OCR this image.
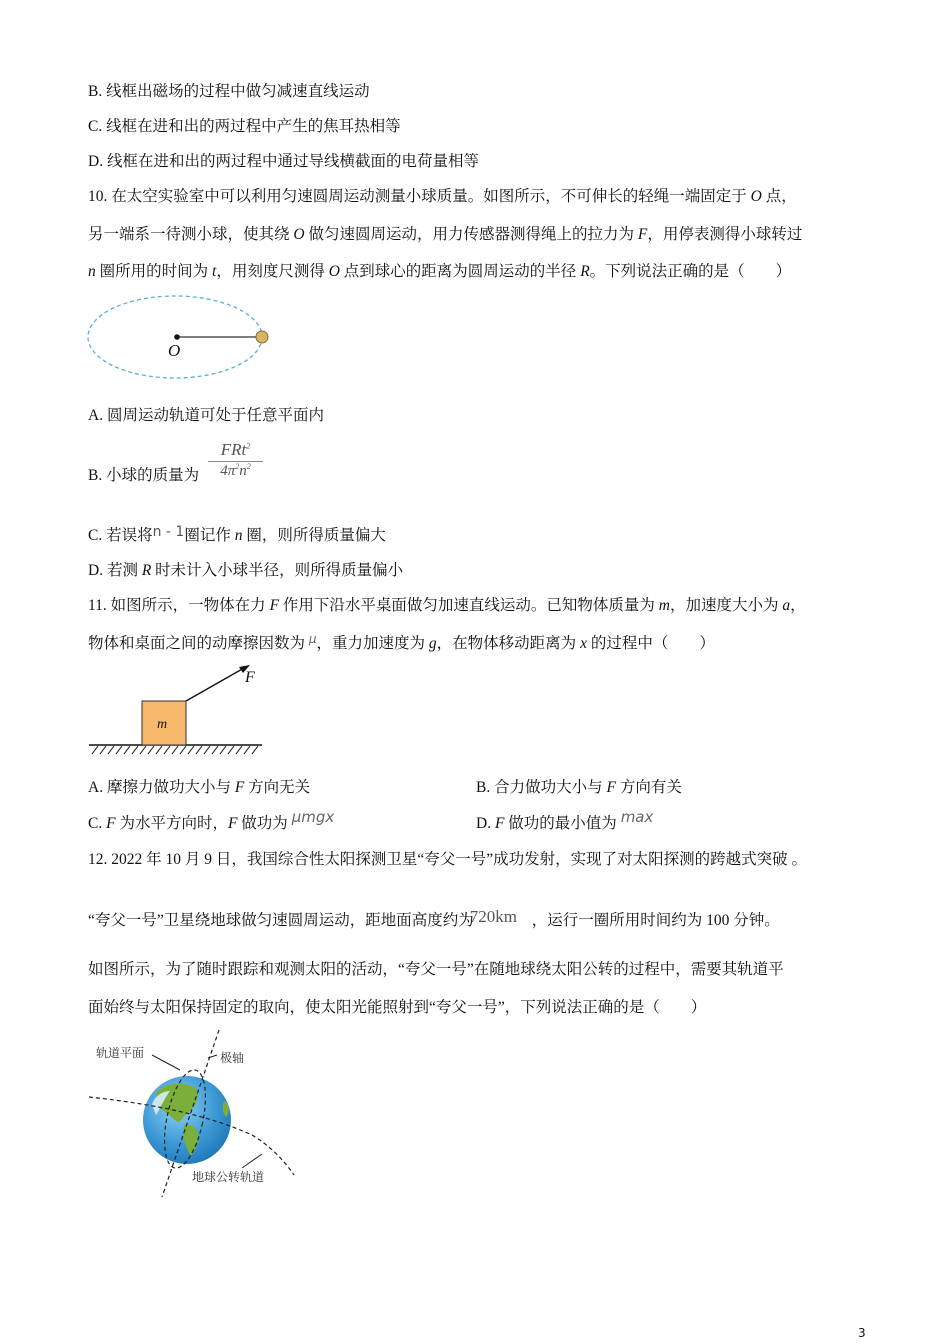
B. 线框出磁场的过程中做匀减速直线运动
C. 线框在进和出的两过程中产生的焦耳热相等
D. 线框在进和出的两过程中通过导线横截面的电荷量相等
10. 在太空实验室中可以利用匀速圆周运动测量小球质量。如图所示，不可伸长的轻绳一端固定于 O 点，
另一端系一待测小球，使其绕 O 做匀速圆周运动，用力传感器测得绳上的拉力为 F，用停表测得小球转过
n 圈所用的时间为 t，用刻度尺测得 O 点到球心的距离为圆周运动的半径 R。下列说法正确的是（　　）
O
A. 圆周运动轨道可处于任意平面内
B. 小球的质量为
FRt$^2$
$4\pi^2n^2$
C. 若误将n - 1圈记作 n 圈，则所得质量偏大
D. 若测 R 时未计入小球半径，则所得质量偏小
11. 如图所示，一物体在力 F 作用下沿水平桌面做匀加速直线运动。已知物体质量为 m，加速度大小为 a，
物体和桌面之间的动摩擦因数为 $^\mu$，重力加速度为 g，在物体移动距离为 x 的过程中（　　）
m
F
A. 摩擦力做功大小与 F 方向无关	B. 合力做功大小与 F 方向有关
C. F 为水平方向时，F 做功为 μmgx	D. F 做功的最小值为 max
12. 2022 年 10 月 9 日，我国综合性太阳探测卫星“夸父一号”成功发射，实现了对太阳探测的跨越式突破 。
“夸父一号”卫星绕地球做匀速圆周运动，距地面高度约为
720km ，运行一圈所用时间约为 100 分钟。
如图所示，为了随时跟踪和观测太阳的活动，“夸父一号”在随地球绕太阳公转的过程中，需要其轨道平
面始终与太阳保持固定的取向，使太阳光能照射到“夸父一号”，下列说法正确的是（　　）
轨道平面	极轴
地球公转轨道
3
